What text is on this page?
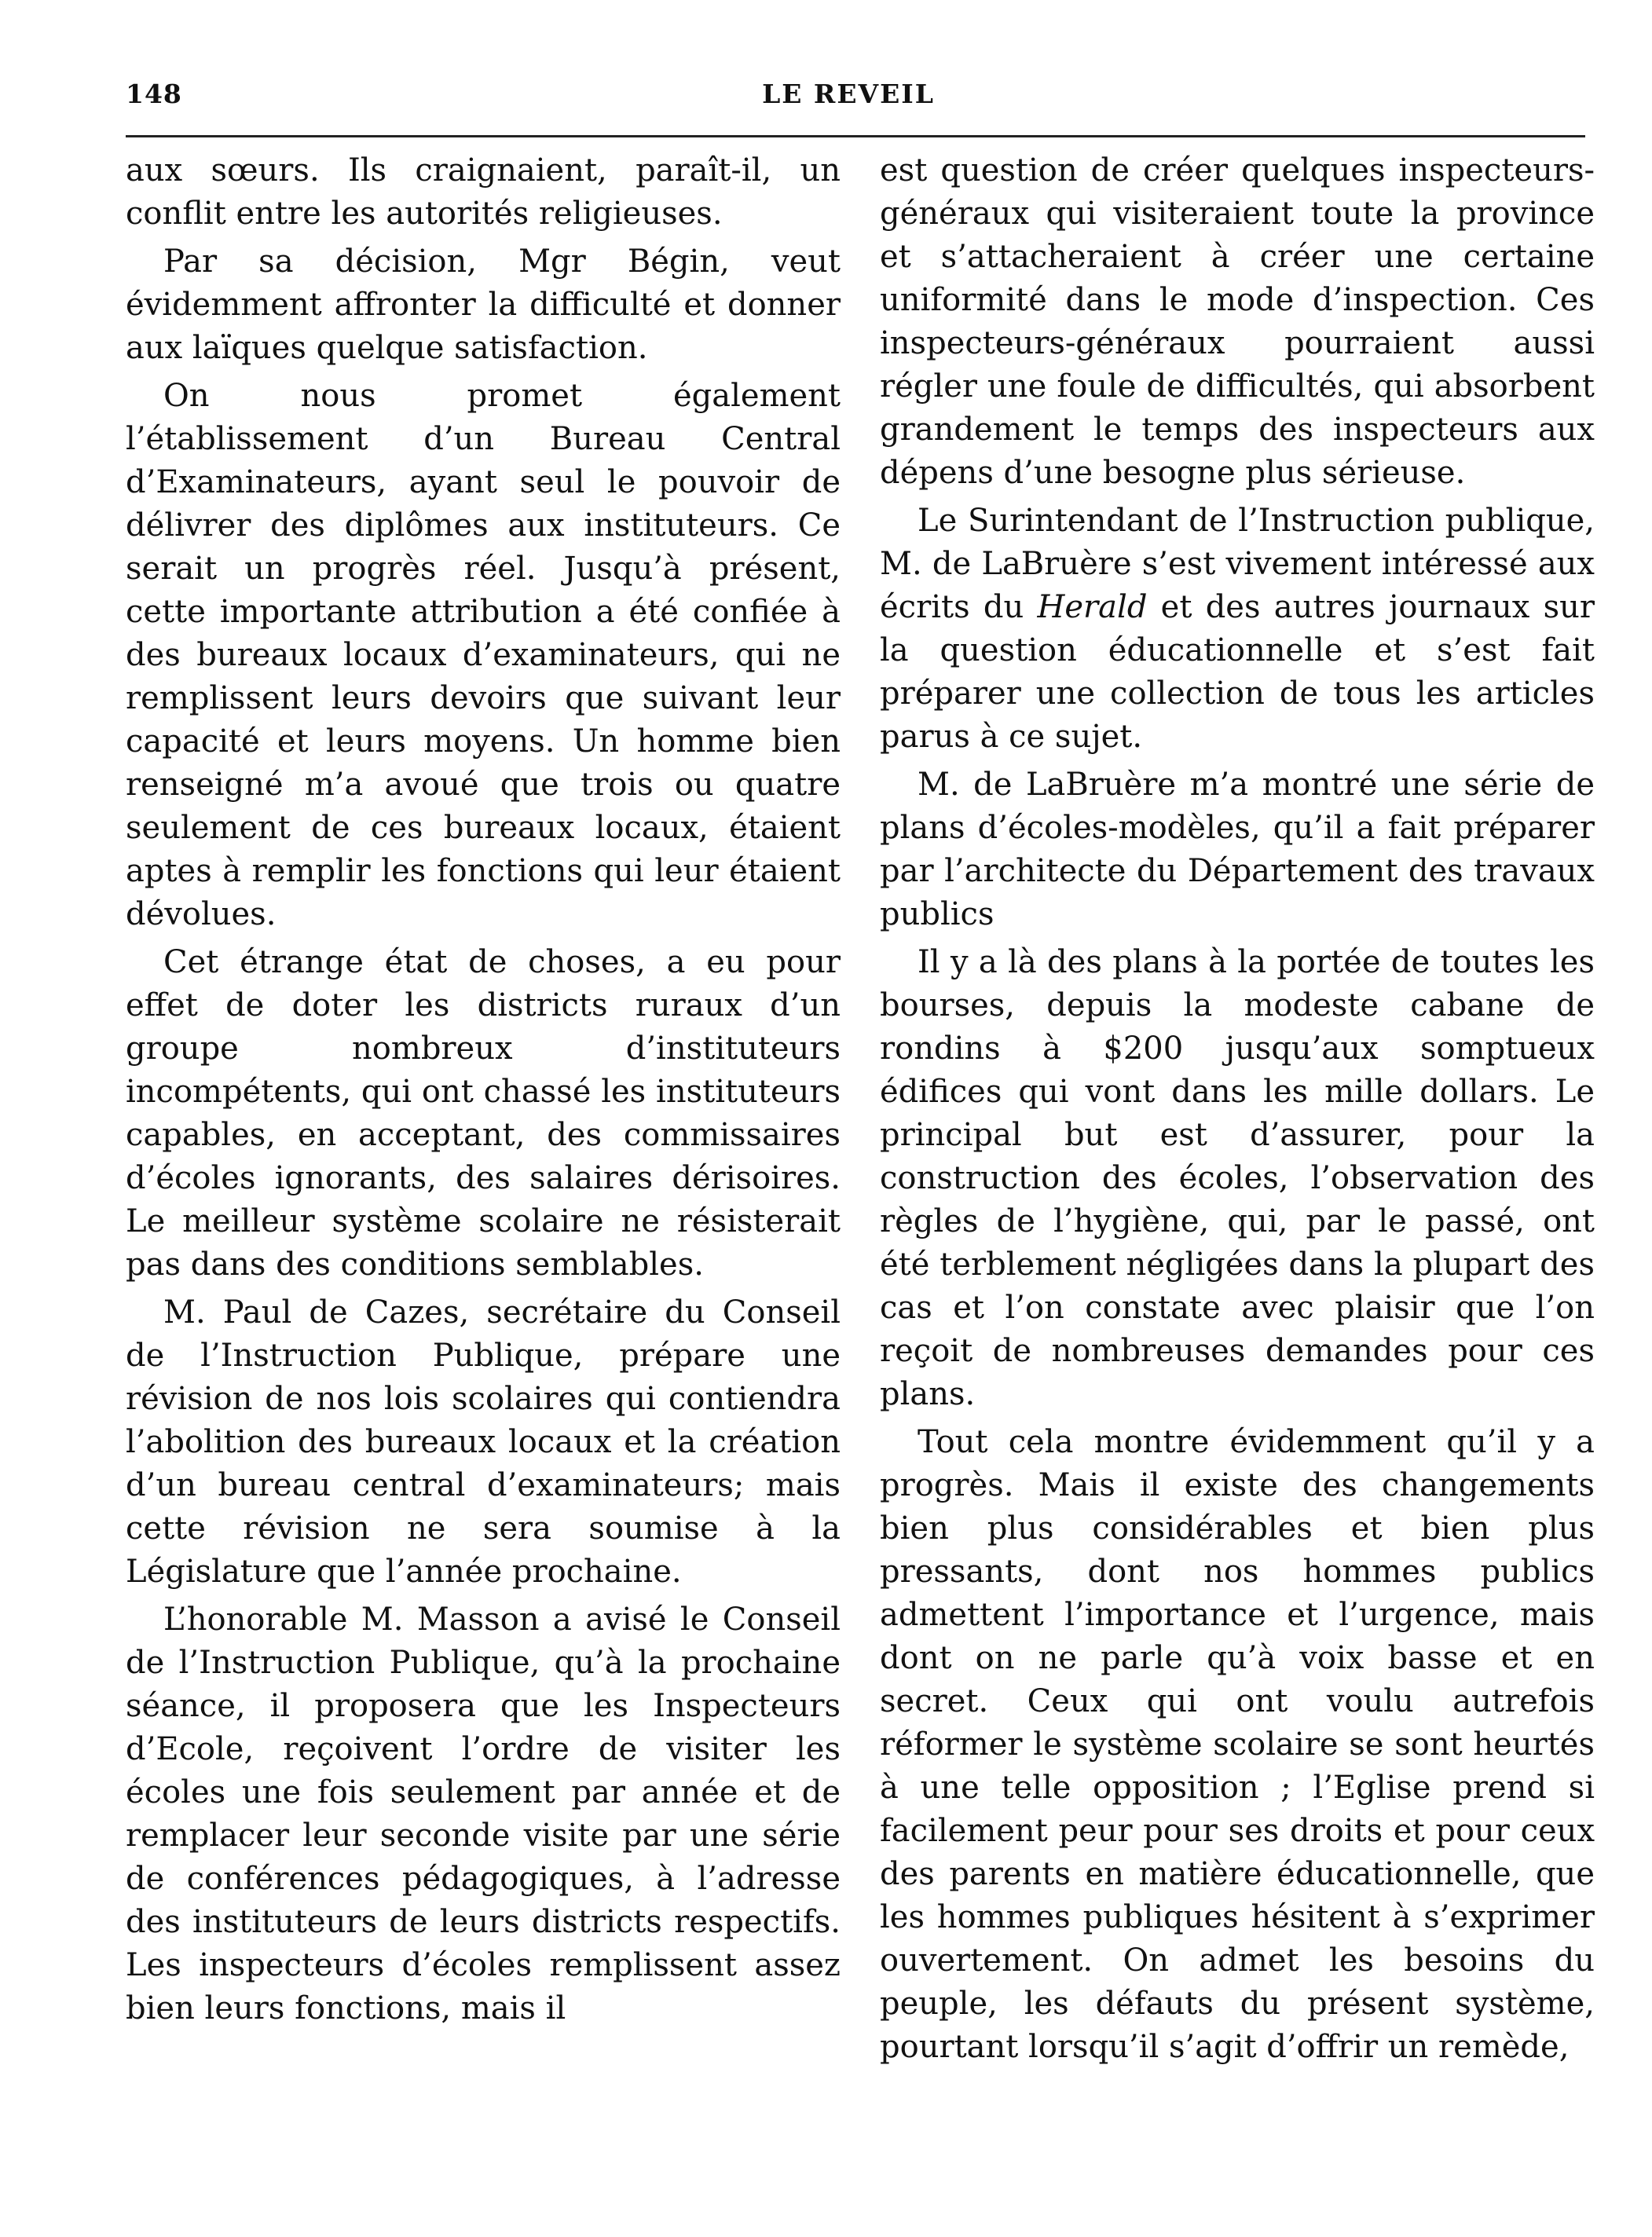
148	LE REVEIL

aux sœurs. Ils craignaient, paraît-il, un conflit entre les autorités religieuses.

Par sa décision, Mgr Bégin, veut évidemment affronter la difficulté et donner aux laïques quelque satisfaction.

On nous promet également l’établissement d’un Bureau Central d’Examinateurs, ayant seul le pouvoir de délivrer des diplômes aux instituteurs. Ce serait un progrès réel. Jusqu’à présent, cette importante attribution a été confiée à des bureaux locaux d’examinateurs, qui ne remplissent leurs devoirs que suivant leur capacité et leurs moyens. Un homme bien renseigné m’a avoué que trois ou quatre seulement de ces bureaux locaux, étaient aptes à remplir les fonctions qui leur étaient dévolues.

Cet étrange état de choses, a eu pour effet de doter les districts ruraux d’un groupe nombreux d’instituteurs incompétents, qui ont chassé les instituteurs capables, en acceptant, des commissaires d’écoles ignorants, des salaires dérisoires. Le meilleur système scolaire ne résisterait pas dans des conditions semblables.

M. Paul de Cazes, secrétaire du Conseil de l’Instruction Publique, prépare une révision de nos lois scolaires qui contiendra l’abolition des bureaux locaux et la création d’un bureau central d’examinateurs; mais cette révision ne sera soumise à la Législature que l’année prochaine.

L’honorable M. Masson a avisé le Conseil de l’Instruction Publique, qu’à la prochaine séance, il proposera que les Inspecteurs d’Ecole, reçoivent l’ordre de visiter les écoles une fois seulement par année et de remplacer leur seconde visite par une série de conférences pédagogiques, à l’adresse des instituteurs de leurs districts respectifs. Les inspecteurs d’écoles remplissent assez bien leurs fonctions, mais il

est question de créer quelques inspecteurs-généraux qui visiteraient toute la province et s’attacheraient à créer une certaine uniformité dans le mode d’inspection. Ces inspecteurs-généraux pourraient aussi régler une foule de difficultés, qui absorbent grandement le temps des inspecteurs aux dépens d’une besogne plus sérieuse.

Le Surintendant de l’Instruction publique, M. de LaBruère s’est vivement intéressé aux écrits du Herald et des autres journaux sur la question éducationnelle et s’est fait préparer une collection de tous les articles parus à ce sujet.

M. de LaBruère m’a montré une série de plans d’écoles-modèles, qu’il a fait préparer par l’architecte du Département des travaux publics

Il y a là des plans à la portée de toutes les bourses, depuis la modeste cabane de rondins à $200 jusqu’aux somptueux édifices qui vont dans les mille dollars. Le principal but est d’assurer, pour la construction des écoles, l’observation des règles de l’hygiène, qui, par le passé, ont été terblement négligées dans la plupart des cas et l’on constate avec plaisir que l’on reçoit de nombreuses demandes pour ces plans.

Tout cela montre évidemment qu’il y a progrès. Mais il existe des changements bien plus considérables et bien plus pressants, dont nos hommes publics admettent l’importance et l’urgence, mais dont on ne parle qu’à voix basse et en secret. Ceux qui ont voulu autrefois réformer le système scolaire se sont heurtés à une telle opposition ; l’Eglise prend si facilement peur pour ses droits et pour ceux des parents en matière éducationnelle, que les hommes publiques hésitent à s’exprimer ouvertement. On admet les besoins du peuple, les défauts du présent système, pourtant lorsqu’il s’agit d’offrir un remède,
